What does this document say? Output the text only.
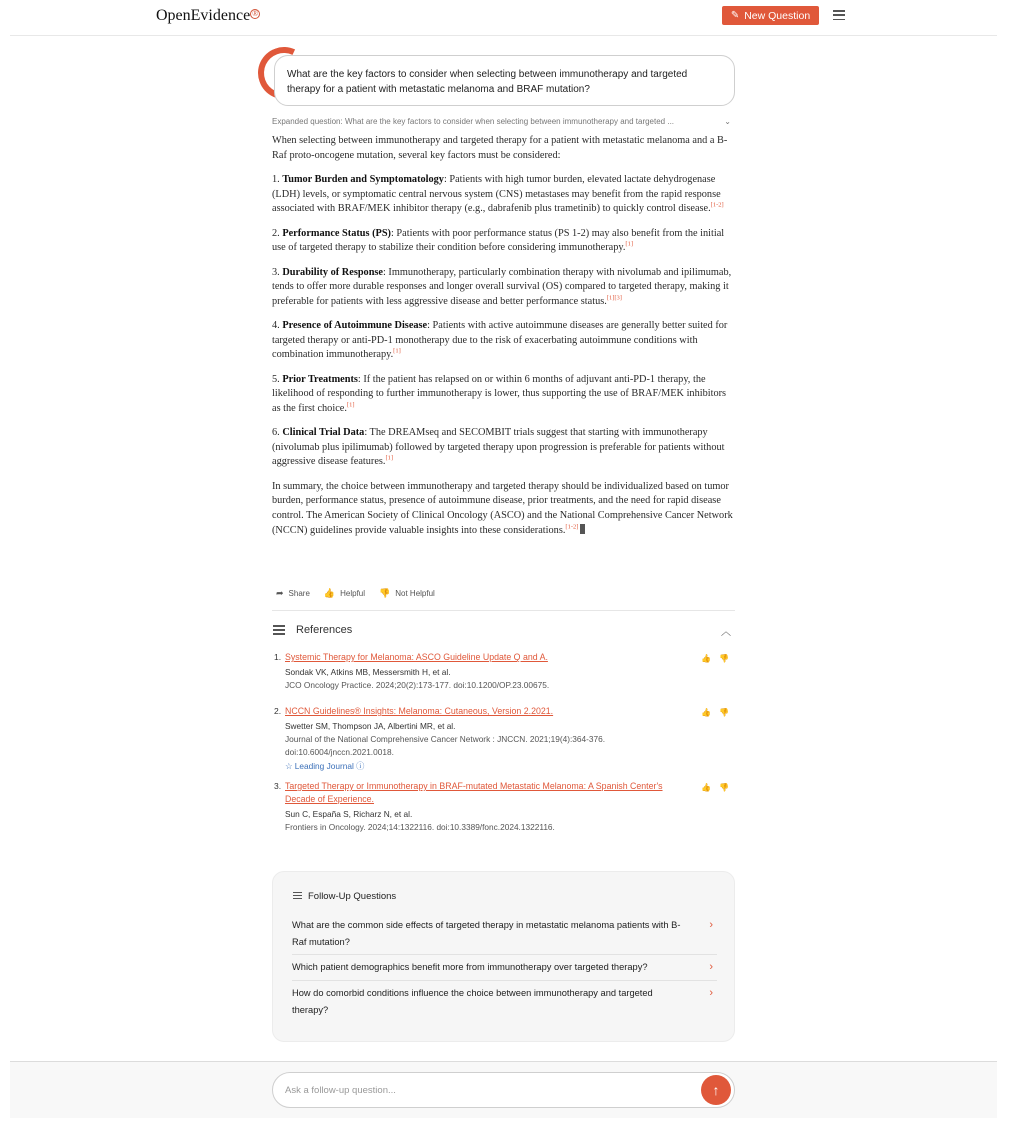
OpenEvidence ®	✎ New Question
What are the key factors to consider when selecting between immunotherapy and targeted therapy for a patient with metastatic melanoma and BRAF mutation?
Expanded question: What are the key factors to consider when selecting between immunotherapy and targeted ...	⌄

When selecting between immunotherapy and targeted therapy for a patient with metastatic melanoma and a B-Raf proto-oncogene mutation, several key factors must be considered:

1. Tumor Burden and Symptomatology: Patients with high tumor burden, elevated lactate dehydrogenase (LDH) levels, or symptomatic central nervous system (CNS) metastases may benefit from the rapid response associated with BRAF/MEK inhibitor therapy (e.g., dabrafenib plus trametinib) to quickly control disease.[1-2]

2. Performance Status (PS): Patients with poor performance status (PS 1-2) may also benefit from the initial use of targeted therapy to stabilize their condition before considering immunotherapy.[1]

3. Durability of Response: Immunotherapy, particularly combination therapy with nivolumab and ipilimumab, tends to offer more durable responses and longer overall survival (OS) compared to targeted therapy, making it preferable for patients with less aggressive disease and better performance status.[1][3]

4. Presence of Autoimmune Disease: Patients with active autoimmune diseases are generally better suited for targeted therapy or anti-PD-1 monotherapy due to the risk of exacerbating autoimmune conditions with combination immunotherapy.[1]

5. Prior Treatments: If the patient has relapsed on or within 6 months of adjuvant anti-PD-1 therapy, the likelihood of responding to further immunotherapy is lower, thus supporting the use of BRAF/MEK inhibitors as the first choice.[1]

6. Clinical Trial Data: The DREAMseq and SECOMBIT trials suggest that starting with immunotherapy (nivolumab plus ipilimumab) followed by targeted therapy upon progression is preferable for patients without aggressive disease features.[1]

In summary, the choice between immunotherapy and targeted therapy should be individualized based on tumor burden, performance status, presence of autoimmune disease, prior treatments, and the need for rapid disease control. The American Society of Clinical Oncology (ASCO) and the National Comprehensive Cancer Network (NCCN) guidelines provide valuable insights into these considerations.[1-2]

➦ Share 👍 Helpful 👎 Not Helpful
References	︿
1. Systemic Therapy for Melanoma: ASCO Guideline Update Q and A.
Sondak VK, Atkins MB, Messersmith H, et al.
JCO Oncology Practice. 2024;20(2):173-177. doi:10.1200/OP.23.00675.
👍 👎
2. NCCN Guidelines® Insights: Melanoma: Cutaneous, Version 2.2021.
Swetter SM, Thompson JA, Albertini MR, et al.
Journal of the National Comprehensive Cancer Network : JNCCN. 2021;19(4):364-376. doi:10.6004/jnccn.2021.0018.
☆ Leading Journal ⓘ
👍 👎
3. Targeted Therapy or Immunotherapy in BRAF-mutated Metastatic Melanoma: A Spanish Center's Decade of Experience.
Sun C, España S, Richarz N, et al.
Frontiers in Oncology. 2024;14:1322116. doi:10.3389/fonc.2024.1322116.
👍 👎
Follow-Up Questions
What are the common side effects of targeted therapy in metastatic melanoma patients with B-Raf mutation?
›
Which patient demographics benefit more from immunotherapy over targeted therapy?	›
How do comorbid conditions influence the choice between immunotherapy and targeted therapy?
›
Ask a follow-up question...
↑
